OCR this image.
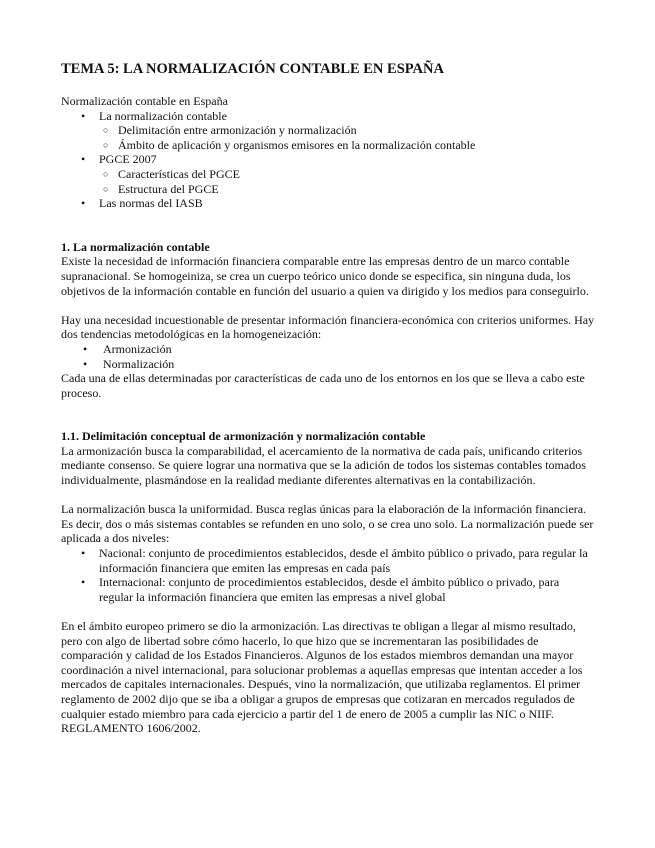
TEMA 5: LA NORMALIZACIÓN CONTABLE EN ESPAÑA

Normalización contable en España

• La normalización contable
○ Delimitación entre armonización y normalización
○ Ámbito de aplicación y organismos emisores en la normalización contable
• PGCE 2007
○ Características del PGCE
○ Estructura del PGCE
• Las normas del IASB
1. La normalización contable

Existe la necesidad de información financiera comparable entre las empresas dentro de un marco contable supranacional. Se homogeiniza, se crea un cuerpo teórico unico donde se especifica, sin ninguna duda, los objetivos de la información contable en función del usuario a quien va dirigido y los medios para conseguirlo.

Hay una necesidad incuestionable de presentar información financiera-económica con criterios uniformes. Hay dos tendencias metodológicas en la homogeneización:

• Armonización
• Normalización

Cada una de ellas determinadas por características de cada uno de los entornos en los que se lleva a cabo este proceso.

1.1. Delimitación conceptual de armonización y normalización contable

La armonización busca la comparabilidad, el acercamiento de la normativa de cada país, unificando criterios mediante consenso. Se quiere lograr una normativa que se la adición de todos los sistemas contables tomados individualmente, plasmándose en la realidad mediante diferentes alternativas en la contabilización.

La normalización busca la uniformidad. Busca reglas únicas para la elaboración de la información financiera. Es decir, dos o más sistemas contables se refunden en uno solo, o se crea uno solo. La normalización puede ser aplicada a dos niveles:

• Nacional: conjunto de procedimientos establecidos, desde el ámbito público o privado, para regular la información financiera que emiten las empresas en cada país
• Internacional: conjunto de procedimientos establecidos, desde el ámbito público o privado, para regular la información financiera que emiten las empresas a nivel global

En el ámbito europeo primero se dio la armonización. Las directivas te obligan a llegar al mismo resultado, pero con algo de libertad sobre cómo hacerlo, lo que hizo que se incrementaran las posibilidades de comparación y calidad de los Estados Financieros. Algunos de los estados miembros demandan una mayor coordinación a nivel internacional, para solucionar problemas a aquellas empresas que intentan acceder a los mercados de capitales internacionales. Después, vino la normalización, que utilizaba reglamentos. El primer reglamento de 2002 dijo que se iba a obligar a grupos de empresas que cotizaran en mercados regulados de cualquier estado miembro para cada ejercicio a partir del 1 de enero de 2005 a cumplir las NIC o NIIF. REGLAMENTO 1606/2002.
